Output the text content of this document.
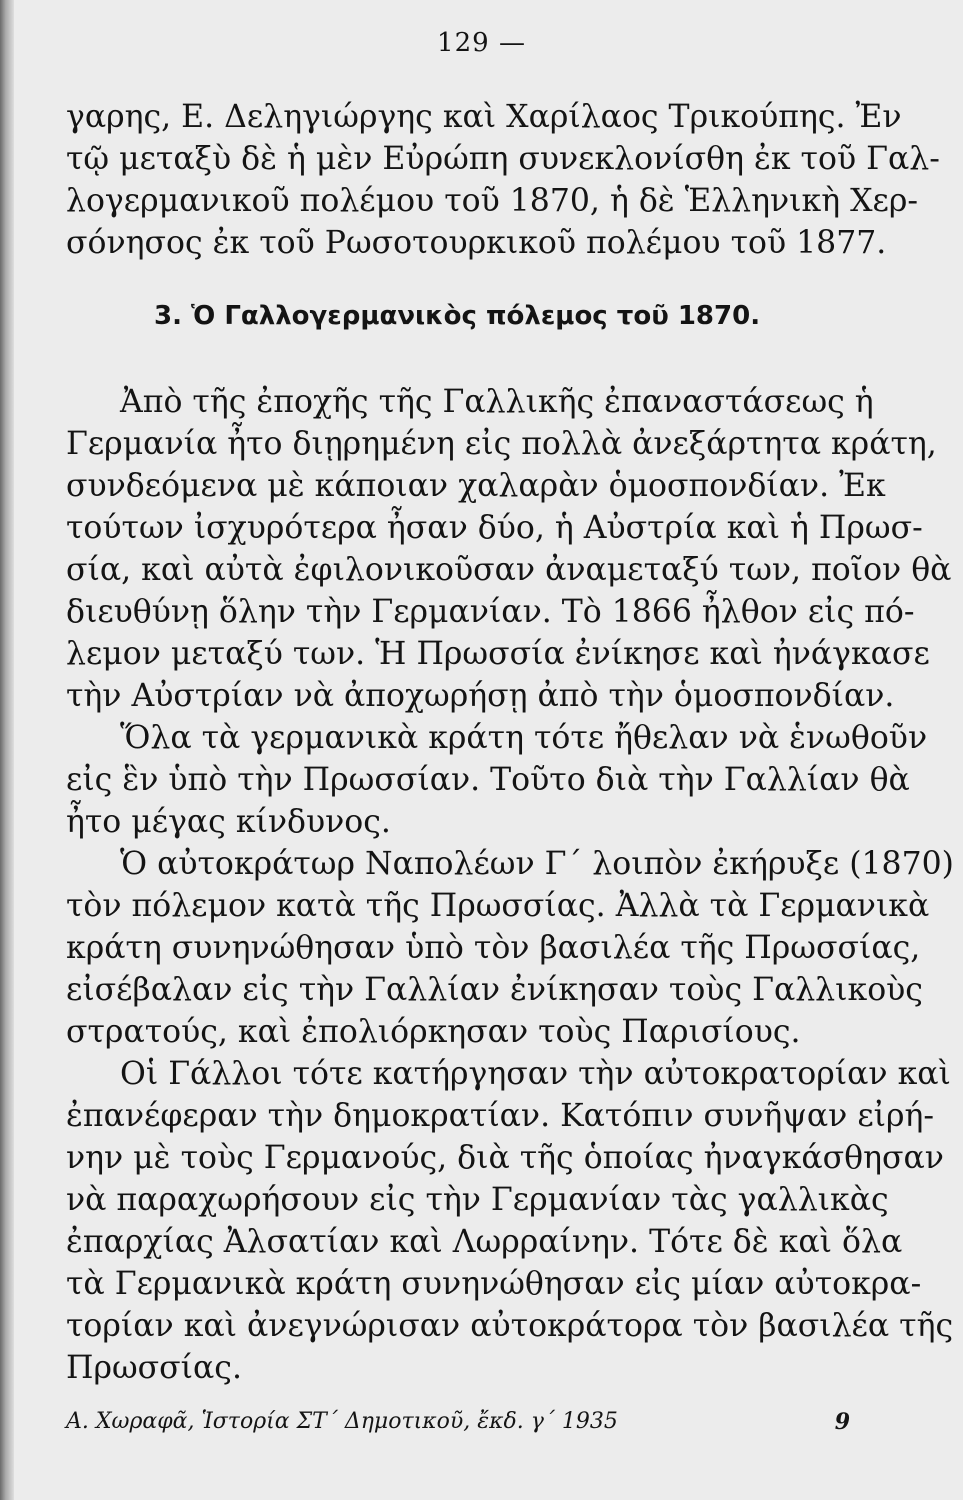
129 —
γαρης, Ε. Δεληγιώργης καὶ Χαρίλαος Τρικούπης. Ἐν
τῷ μεταξὺ δὲ ἡ μὲν Εὐρώπη συνεκλονίσθη ἐκ τοῦ Γαλ-
λογερμανικοῦ πολέμου τοῦ 1870, ἡ δὲ Ἑλληνικὴ Χερ-
σόνησος ἐκ τοῦ Ρωσοτουρκικοῦ πολέμου τοῦ 1877.
3. Ὁ Γαλλογερμανικὸς πόλεμος τοῦ 1870.
Ἀπὸ τῆς ἐποχῆς τῆς Γαλλικῆς ἐπαναστάσεως ἡ
Γερμανία ἦτο διῃρημένη εἰς πολλὰ ἀνεξάρτητα κράτη,
συνδεόμενα μὲ κάποιαν χαλαρὰν ὁμοσπονδίαν. Ἐκ
τούτων ἰσχυρότερα ἦσαν δύο, ἡ Αὐστρία καὶ ἡ Πρωσ-
σία, καὶ αὐτὰ ἐφιλονικοῦσαν ἀναμεταξύ των, ποῖον θὰ
διευθύνῃ ὅλην τὴν Γερμανίαν. Τὸ 1866 ἦλθον εἰς πό-
λεμον μεταξύ των. Ἡ Πρωσσία ἐνίκησε καὶ ἠνάγκασε
τὴν Αὐστρίαν νὰ ἀποχωρήσῃ ἀπὸ τὴν ὁμοσπονδίαν.
Ὅλα τὰ γερμανικὰ κράτη τότε ἤθελαν νὰ ἑνωθοῦν
εἰς ἓν ὑπὸ τὴν Πρωσσίαν. Τοῦτο διὰ τὴν Γαλλίαν θὰ
ἦτο μέγας κίνδυνος.
Ὁ αὐτοκράτωρ Ναπολέων Γ΄ λοιπὸν ἐκήρυξε (1870)
τὸν πόλεμον κατὰ τῆς Πρωσσίας. Ἀλλὰ τὰ Γερμανικὰ
κράτη συνηνώθησαν ὑπὸ τὸν βασιλέα τῆς Πρωσσίας,
εἰσέβαλαν εἰς τὴν Γαλλίαν ἐνίκησαν τοὺς Γαλλικοὺς
στρατούς, καὶ ἐπολιόρκησαν τοὺς Παρισίους.
Οἱ Γάλλοι τότε κατήργησαν τὴν αὐτοκρατορίαν καὶ
ἐπανέφεραν τὴν δημοκρατίαν. Κατόπιν συνῆψαν εἰρή-
νην μὲ τοὺς Γερμανούς, διὰ τῆς ὁποίας ἠναγκάσθησαν
νὰ παραχωρήσουν εἰς τὴν Γερμανίαν τὰς γαλλικὰς
ἐπαρχίας Ἀλσατίαν καὶ Λωρραίνην. Τότε δὲ καὶ ὅλα
τὰ Γερμανικὰ κράτη συνηνώθησαν εἰς μίαν αὐτοκρα-
τορίαν καὶ ἀνεγνώρισαν αὐτοκράτορα τὸν βασιλέα τῆς
Πρωσσίας.
Α. Χωραφᾶ, Ἱστορία ΣΤ΄ Δημοτικοῦ, ἔκδ. γ΄ 1935	9
